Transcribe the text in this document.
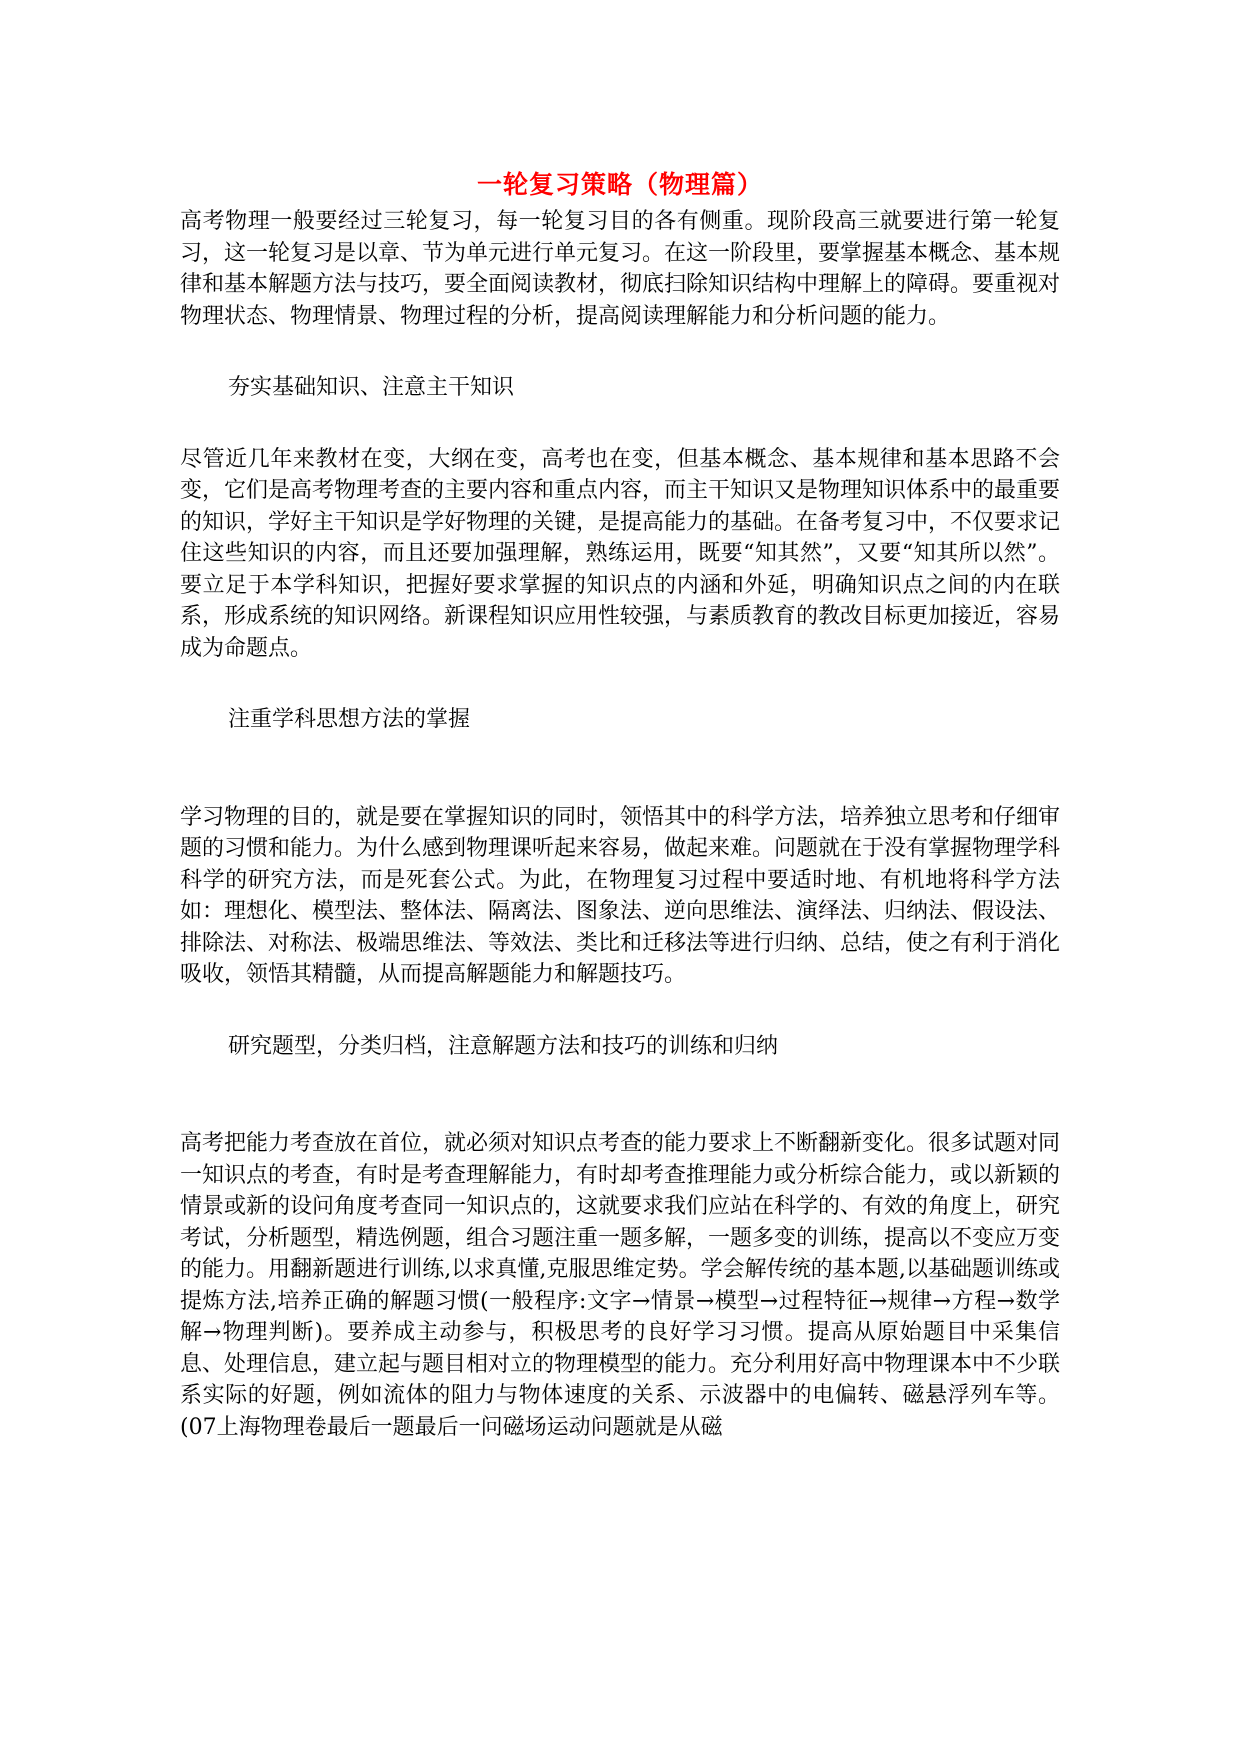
一轮复习策略（物理篇）

高考物理一般要经过三轮复习，每一轮复习目的各有侧重。现阶段高三就要进行第一轮复习，这一轮复习是以章、节为单元进行单元复习。在这一阶段里，要掌握基本概念、基本规律和基本解题方法与技巧，要全面阅读教材，彻底扫除知识结构中理解上的障碍。要重视对物理状态、物理情景、物理过程的分析，提高阅读理解能力和分析问题的能力。

夯实基础知识、注意主干知识

尽管近几年来教材在变，大纲在变，高考也在变，但基本概念、基本规律和基本思路不会变，它们是高考物理考查的主要内容和重点内容，而主干知识又是物理知识体系中的最重要的知识，学好主干知识是学好物理的关键，是提高能力的基础。在备考复习中，不仅要求记住这些知识的内容，而且还要加强理解，熟练运用，既要“知其然”，又要“知其所以然”。要立足于本学科知识，把握好要求掌握的知识点的内涵和外延，明确知识点之间的内在联系，形成系统的知识网络。新课程知识应用性较强，与素质教育的教改目标更加接近，容易成为命题点。

注重学科思想方法的掌握

学习物理的目的，就是要在掌握知识的同时，领悟其中的科学方法，培养独立思考和仔细审题的习惯和能力。为什么感到物理课听起来容易，做起来难。问题就在于没有掌握物理学科科学的研究方法，而是死套公式。为此，在物理复习过程中要适时地、有机地将科学方法如：理想化、模型法、整体法、隔离法、图象法、逆向思维法、演绎法、归纳法、假设法、排除法、对称法、极端思维法、等效法、类比和迁移法等进行归纳、总结，使之有利于消化吸收，领悟其精髓，从而提高解题能力和解题技巧。

研究题型，分类归档，注意解题方法和技巧的训练和归纳

高考把能力考查放在首位，就必须对知识点考查的能力要求上不断翻新变化。很多试题对同一知识点的考查，有时是考查理解能力，有时却考查推理能力或分析综合能力，或以新颖的情景或新的设问角度考查同一知识点的，这就要求我们应站在科学的、有效的角度上，研究考试，分析题型，精选例题，组合习题注重一题多解，一题多变的训练，提高以不变应万变的能力。用翻新题进行训练,以求真懂,克服思维定势。学会解传统的基本题,以基础题训练或提炼方法,培养正确的解题习惯(一般程序:文字→情景→模型→过程特征→规律→方程→数学解→物理判断)。要养成主动参与，积极思考的良好学习习惯。提高从原始题目中采集信息、处理信息，建立起与题目相对立的物理模型的能力。充分利用好高中物理课本中不少联系实际的好题，例如流体的阻力与物体速度的关系、示波器中的电偏转、磁悬浮列车等。(07上海物理卷最后一题最后一问磁场运动问题就是从磁
